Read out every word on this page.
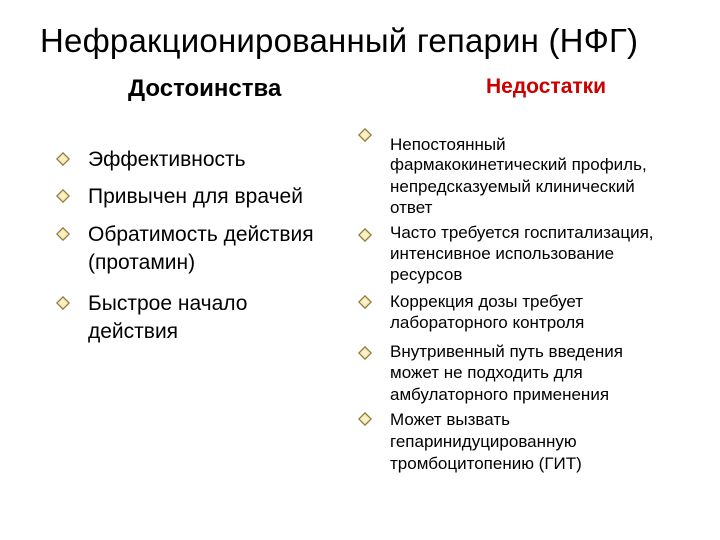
Нефракционированный гепарин (НФГ)
Достоинства	Недостатки
Эффективность
Привычен для врачей
Обратимость действия
(протамин)
Быстрое начало
действия
Непостоянный
фармакокинетический профиль,
непредсказуемый клинический
ответ
Часто требуется госпитализация,
интенсивное использование
ресурсов
Коррекция дозы требует
лабораторного контроля
Внутривенный путь введения
может не подходить для
амбулаторного применения
Может вызвать
гепаринидуцированную
тромбоцитопению (ГИТ)
